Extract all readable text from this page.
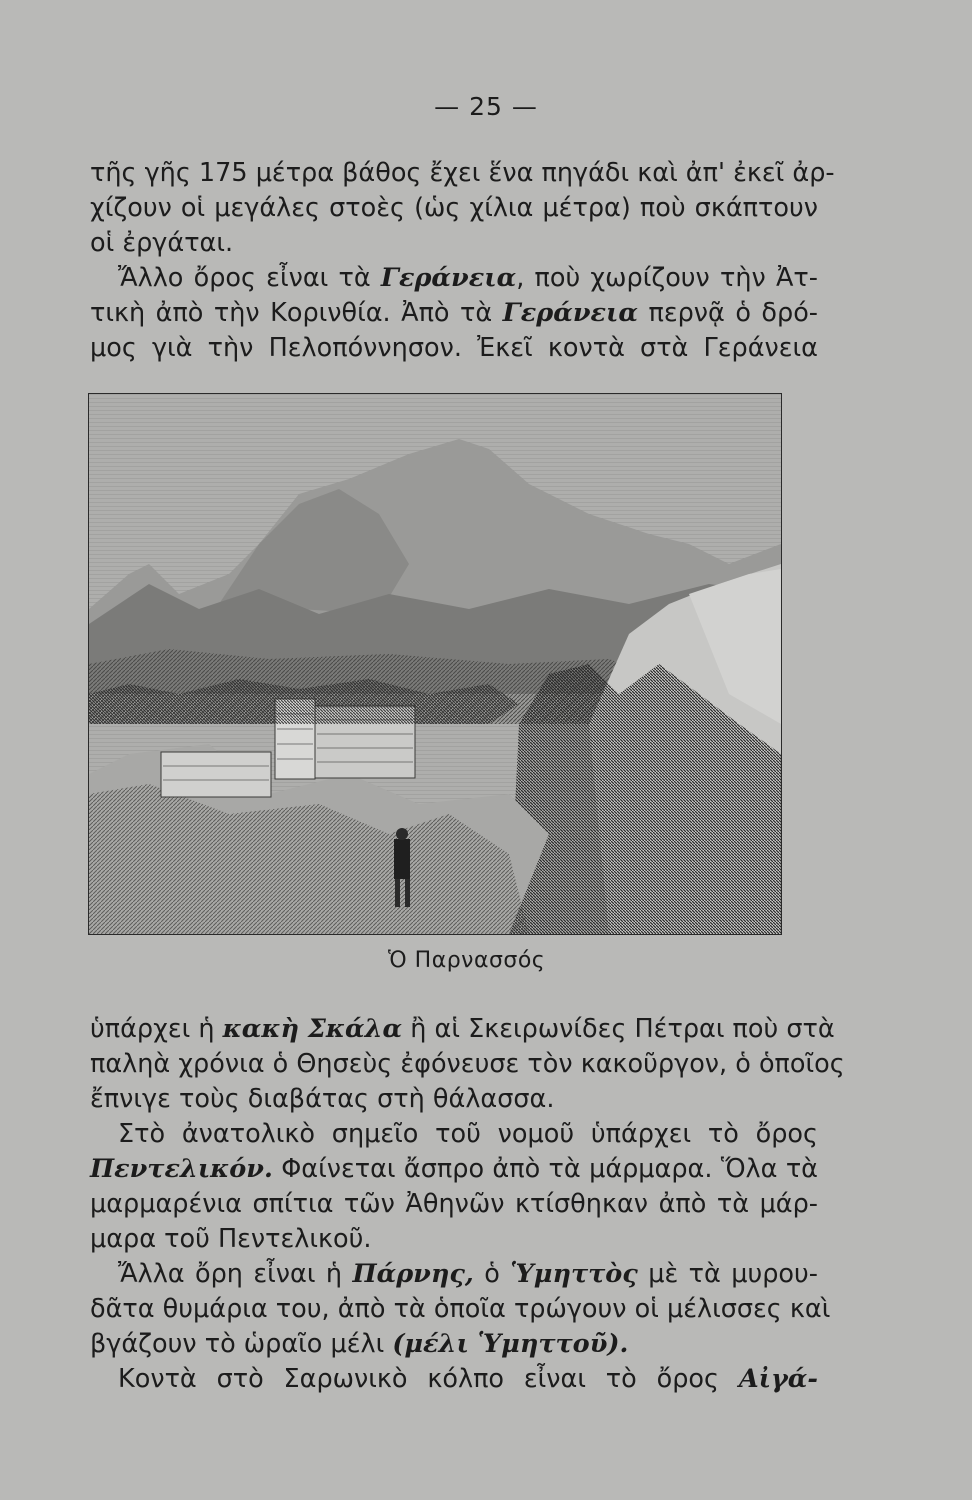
— 25 —
τῆς γῆς 175 μέτρα βάθος ἔχει ἕνα πηγάδι καὶ ἀπ' ἐκεῖ ἀρ-
χίζουν οἱ μεγάλες στοὲς (ὡς χίλια μέτρα) ποὺ σκάπτουν
οἱ ἐργάται.
Ἄλλο ὄρος εἶναι τὰ Γεράνεια, ποὺ χωρίζουν τὴν Ἀτ-
τικὴ ἀπὸ τὴν Κορινθία. Ἀπὸ τὰ Γεράνεια περνᾷ ὁ δρό-
μος γιὰ τὴν Πελοπόννησον. Ἐκεῖ κοντὰ στὰ Γεράνεια
Ὁ Παρνασσός
ὑπάρχει ἡ κακὴ Σκάλα ἢ αἱ Σκειρωνίδες Πέτραι ποὺ στὰ
παληὰ χρόνια ὁ Θησεὺς ἐφόνευσε τὸν κακοῦργον, ὁ ὁποῖος
ἔπνιγε τοὺς διαβάτας στὴ θάλασσα.
Στὸ ἀνατολικὸ σημεῖο τοῦ νομοῦ ὑπάρχει τὸ ὄρος
Πεντελικόν. Φαίνεται ἄσπρο ἀπὸ τὰ μάρμαρα. Ὅλα τὰ
μαρμαρένια σπίτια τῶν Ἀθηνῶν κτίσθηκαν ἀπὸ τὰ μάρ-
μαρα τοῦ Πεντελικοῦ.
Ἄλλα ὄρη εἶναι ἡ Πάρνης, ὁ Ὑμηττὸς μὲ τὰ μυρου-
δᾶτα θυμάρια του, ἀπὸ τὰ ὁποῖα τρώγουν οἱ μέλισσες καὶ
βγάζουν τὸ ὡραῖο μέλι (μέλι Ὑμηττοῦ).
Κοντὰ στὸ Σαρωνικὸ κόλπο εἶναι τὸ ὄρος Αἰγά-
